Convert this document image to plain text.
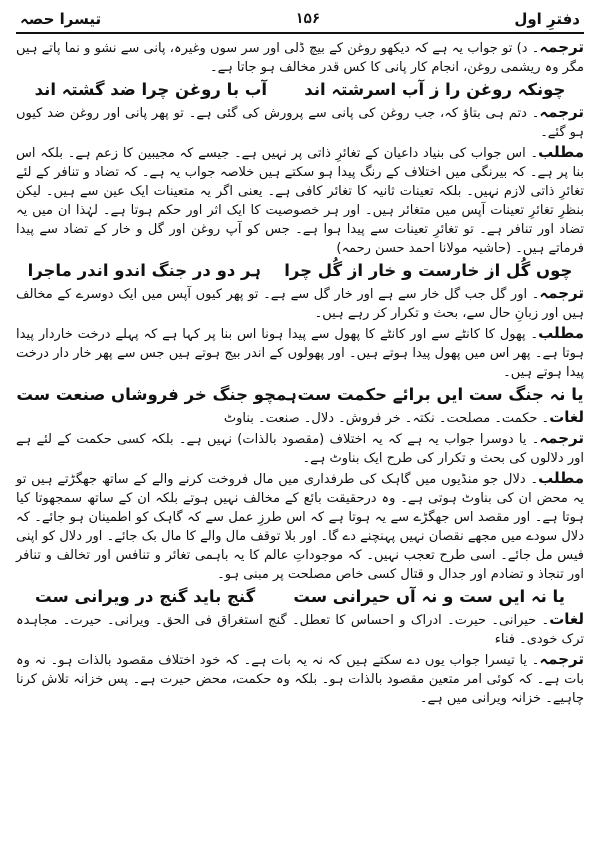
دفترِ اول
۱۵۶
تیسرا حصہ

ترجمہ۔ د) تو جواب یہ ہے کہ دیکھو روغن کے بیچ ڈلی اور سر سوں وغیرہ، پانی سے نشو و نما پاتے ہیں مگر وہ ریشمی روغن، انجام کار پانی کا کس قدر مخالف ہو جاتا ہے۔

چونکہ روغن را ز آب اسرشتہ اند
آب با روغن چرا ضد گشتہ اند

ترجمہ۔ دتم ہی بتاؤ کہ، جب روغن کی پانی سے پرورش کی گئی ہے۔ تو پھر پانی اور روغن ضد کیوں ہو گئے۔

مطلب۔ اس جواب کی بنیاد داعیان کے تغائرِ ذاتی پر نہیں ہے۔ جیسے کہ مجیبین کا زعم ہے۔ بلکہ اس بنا پر ہے۔ کہ بیرنگی میں اختلاف کے رنگ پیدا ہو سکتے ہیں خلاصہ جواب یہ ہے۔ کہ تضاد و تنافر کے لئے تغائرِ ذاتی لازم نہیں۔ بلکہ تعینات ثانیہ کا تغائر کافی ہے۔ یعنی اگر یہ متعینات ایک عین سے ہیں۔ لیکن بنظرِ تغائرِ تعینات آپس میں متغائر ہیں۔ اور ہر خصوصیت کا ایک اثر اور حکم ہوتا ہے۔ لہٰذا ان میں یہ تضاد اور تنافر ہے۔ تو تغائرِ تعینات سے پیدا ہوا ہے۔ جس کو آپ روغن اور گل و خار کے تضاد سے پیدا فرماتے ہیں۔ (حاشیہ مولانا احمد حسن رحمہ)

چوں گُل از خارست و خار از گُل چرا
ہر دو در جنگ اندو اندر ماجرا

ترجمہ۔ اور گل جب گل خار سے ہے اور خار گل سے ہے۔ تو پھر کیوں آپس میں ایک دوسرے کے مخالف ہیں اور زبانِ حال سے، بحث و تکرار کر رہے ہیں۔

مطلب۔ پھول کا کانٹے سے اور کانٹے کا پھول سے پیدا ہونا اس بنا پر کہا ہے کہ پہلے درخت خاردار پیدا ہوتا ہے۔ پھر اس میں پھول پیدا ہوتے ہیں۔ اور پھولوں کے اندر بیج ہوتے ہیں جس سے پھر خار دار درخت پیدا ہوتے ہیں۔

یا نہ جنگ ست ایں برائے حکمت ست
ہمچو جنگ خر فروشاں صنعت ست

لغات۔ حکمت۔ مصلحت۔ نکتہ۔ خر فروش۔ دلال۔ صنعت۔ بناوٹ

ترجمہ۔ یا دوسرا جواب یہ ہے کہ یہ اختلاف (مقصود بالذات) نہیں ہے۔ بلکہ کسی حکمت کے لئے ہے اور دلالوں کی بحث و تکرار کی طرح ایک بناوٹ ہے۔

مطلب۔ دلال جو منڈیوں میں گاہک کی طرفداری میں مال فروخت کرنے والے کے ساتھ جھگڑتے ہیں تو یہ محض ان کی بناوٹ ہوتی ہے۔ وہ درحقیقت بائع کے مخالف نہیں ہوتے بلکہ ان کے ساتھ سمجھوتا کیا ہوتا ہے۔ اور مقصد اس جھگڑے سے یہ ہوتا ہے کہ اس طرزِ عمل سے کہ گاہک کو اطمینان ہو جائے۔ کہ دلال سودے میں مجھے نقصان نہیں پہنچنے دے گا۔ اور بلا توقف مال والے کا مال بک جائے۔ اور دلال کو اپنی فیس مل جائے۔ اسی طرح تعجب نہیں۔ کہ موجوداتِ عالم کا یہ باہمی تغائر و تنافس اور تخالف و تنافر اور تنجاذ و تضادم اور جدال و قتال کسی خاص مصلحت پر مبنی ہو۔

یا نہ ایں ست و نہ آں حیرانی ست
گنج باید گنج در ویرانی ست

لغات۔ حیرانی۔ حیرت۔ ادراک و احساس کا تعطل۔ گنج استغراق فی الحق۔ ویرانی۔ حیرت۔ مجاہدہ ترک خودی۔ فناء

ترجمہ۔ یا تیسرا جواب یوں دے سکتے ہیں کہ نہ یہ بات ہے۔ کہ خود اختلاف مقصود بالذات ہو۔ نہ وہ بات ہے۔ کہ کوئی امر متعین مقصود بالذات ہو۔ بلکہ وہ حکمت، محض حیرت ہے۔ پس خزانہ تلاش کرنا چاہیے۔ خزانہ ویرانی میں ہے۔
